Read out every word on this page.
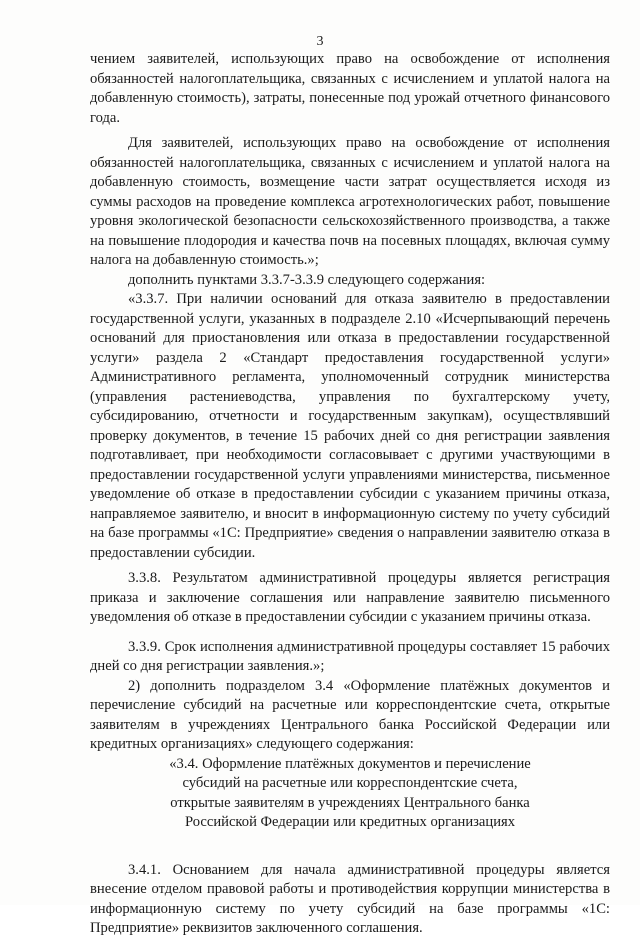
3

чением заявителей, использующих право на освобождение от исполнения обязанностей налогоплательщика, связанных с исчислением и уплатой налога на добавленную стоимость), затраты, понесенные под урожай отчетного финансового года.

Для заявителей, использующих право на освобождение от исполнения обязанностей налогоплательщика, связанных с исчислением и уплатой налога на добавленную стоимость, возмещение части затрат осуществляется исходя из суммы расходов на проведение комплекса агротехнологических работ, повышение уровня экологической безопасности сельскохозяйственного производства, а также на повышение плодородия и качества почв на посевных площадях, включая сумму налога на добавленную стоимость.»;

дополнить пунктами 3.3.7-3.3.9 следующего содержания:

«3.3.7. При наличии оснований для отказа заявителю в предоставлении государственной услуги, указанных в подразделе 2.10 «Исчерпывающий перечень оснований для приостановления или отказа в предоставлении государственной услуги» раздела 2 «Стандарт предоставления государственной услуги» Административного регламента, уполномоченный сотрудник министерства (управления растениеводства, управления по бухгалтерскому учету, субсидированию, отчетности и государственным закупкам), осуществлявший проверку документов, в течение 15 рабочих дней со дня регистрации заявления подготавливает, при необходимости согласовывает с другими участвующими в предоставлении государственной услуги управлениями министерства, письменное уведомление об отказе в предоставлении субсидии с указанием причины отказа, направляемое заявителю, и вносит в информационную систему по учету субсидий на базе программы «1С: Предприятие» сведения о направлении заявителю отказа в предоставлении субсидии.

3.3.8. Результатом административной процедуры является регистрация приказа и заключение соглашения или направление заявителю письменного уведомления об отказе в предоставлении субсидии с указанием причины отказа.

3.3.9. Срок исполнения административной процедуры составляет 15 рабочих дней со дня регистрации заявления.»;

2) дополнить подразделом 3.4 «Оформление платёжных документов и перечисление субсидий на расчетные или корреспондентские счета, открытые заявителям в учреждениях Центрального банка Российской Федерации или кредитных организациях» следующего содержания:

«3.4. Оформление платёжных документов и перечисление
субсидий на расчетные или корреспондентские счета,
открытые заявителям в учреждениях Центрального банка
Российской Федерации или кредитных организациях

3.4.1. Основанием для начала административной процедуры является внесение отделом правовой работы и противодействия коррупции министерства в информационную систему по учету субсидий на базе программы «1С: Предприятие» реквизитов заключенного соглашения.
